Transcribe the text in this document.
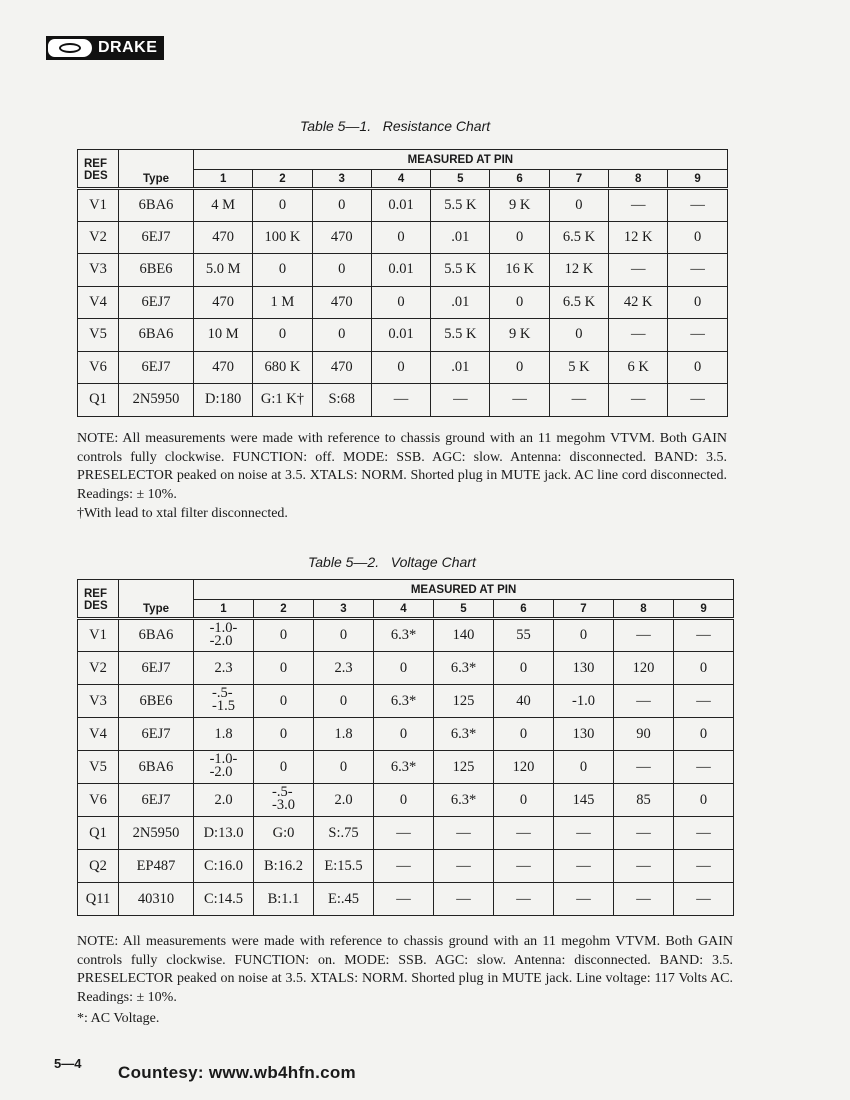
DRAKE
Table 5—1.   Resistance Chart
REF		MEASURED AT PIN								
DES	Type	1	2	3	4	5	6	7	8	9
V1	6BA6	4 M	0	0	0.01	5.5 K	9 K	0	—	—
V2	6EJ7	470	100 K	470	0	.01	0	6.5 K	12 K	0
V3	6BE6	5.0 M	0	0	0.01	5.5 K	16 K	12 K	—	—
V4	6EJ7	470	1 M	470	0	.01	0	6.5 K	42 K	0
V5	6BA6	10 M	0	0	0.01	5.5 K	9 K	0	—	—
V6	6EJ7	470	680 K	470	0	.01	0	5 K	6 K	0
Q1	2N5950	D:180	G:1 K†	S:68	—	—	—	—	—	—
NOTE: All measurements were made with reference to chassis ground with an 11 megohm VTVM. Both GAIN controls fully clockwise. FUNCTION: off. MODE: SSB. AGC: slow. Antenna: disconnected. BAND: 3.5. PRESELECTOR peaked on noise at 3.5. XTALS: NORM. Shorted plug in MUTE jack. AC line cord disconnected. Readings: ± 10%.
†With lead to xtal filter disconnected.
Table 5—2.   Voltage Chart
REF		MEASURED AT PIN								
DES	Type	1	2	3	4	5	6	7	8	9
V1	6BA6	-1.0-
-2.0	0	0	6.3*	140	55	0	—	—
V2	6EJ7	2.3	0	2.3	0	6.3*	0	130	120	0
V3	6BE6	-.5-
-1.5	0	0	6.3*	125	40	-1.0	—	—
V4	6EJ7	1.8	0	1.8	0	6.3*	0	130	90	0
V5	6BA6	-1.0-
-2.0	0	0	6.3*	125	120	0	—	—
V6	6EJ7	2.0	-.5-
-3.0	2.0	0	6.3*	0	145	85	0
Q1	2N5950	D:13.0	G:0	S:.75	—	—	—	—	—	—
Q2	EP487	C:16.0	B:16.2	E:15.5	—	—	—	—	—	—
Q11	40310	C:14.5	B:1.1	E:.45	—	—	—	—	—	—
NOTE: All measurements were made with reference to chassis ground with an 11 megohm VTVM. Both GAIN controls fully clockwise. FUNCTION: on. MODE: SSB. AGC: slow. Antenna: disconnected. BAND: 3.5. PRESELECTOR peaked on noise at 3.5. XTALS: NORM. Shorted plug in MUTE jack. Line voltage: 117 Volts AC. Readings: ± 10%.
*: AC Voltage.
5—4 Countesy: www.wb4hfn.com
